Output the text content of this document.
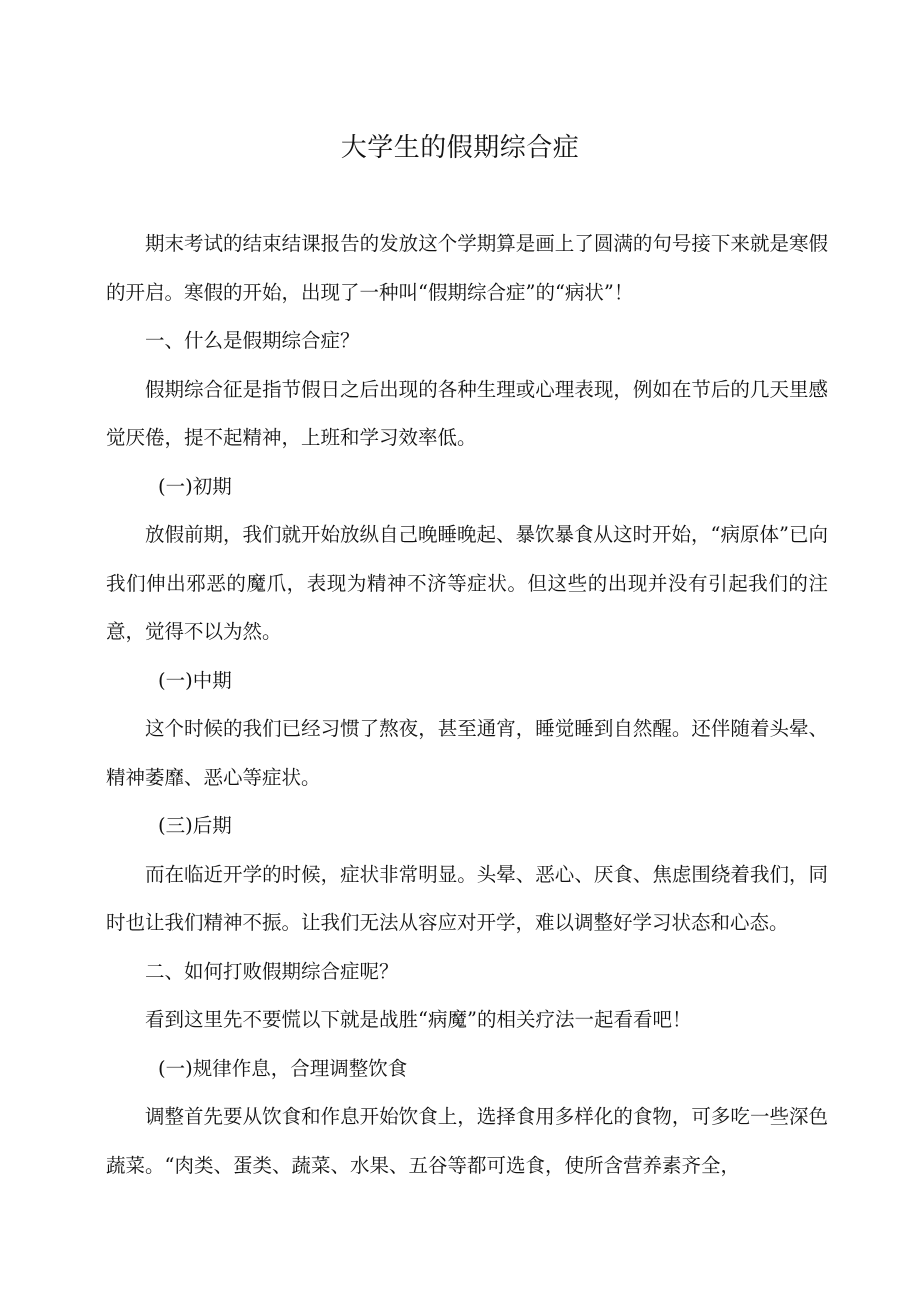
大学生的假期综合症

期末考试的结束结课报告的发放这个学期算是画上了圆满的句号接下来就是寒假的开启。寒假的开始，出现了一种叫“假期综合症”的“病状”！

一、什么是假期综合症？

假期综合征是指节假日之后出现的各种生理或心理表现，例如在节后的几天里感觉厌倦，提不起精神，上班和学习效率低。

(一)初期

放假前期，我们就开始放纵自己晚睡晚起、暴饮暴食从这时开始，“病原体”已向我们伸出邪恶的魔爪，表现为精神不济等症状。但这些的出现并没有引起我们的注意，觉得不以为然。

(一)中期

这个时候的我们已经习惯了熬夜，甚至通宵，睡觉睡到自然醒。还伴随着头晕、精神萎靡、恶心等症状。

(三)后期

而在临近开学的时候，症状非常明显。头晕、恶心、厌食、焦虑围绕着我们，同时也让我们精神不振。让我们无法从容应对开学，难以调整好学习状态和心态。

二、如何打败假期综合症呢？

看到这里先不要慌以下就是战胜“病魔”的相关疗法一起看看吧！

(一)规律作息，合理调整饮食

调整首先要从饮食和作息开始饮食上，选择食用多样化的食物，可多吃一些深色蔬菜。“肉类、蛋类、蔬菜、水果、五谷等都可选食，使所含营养素齐全，
